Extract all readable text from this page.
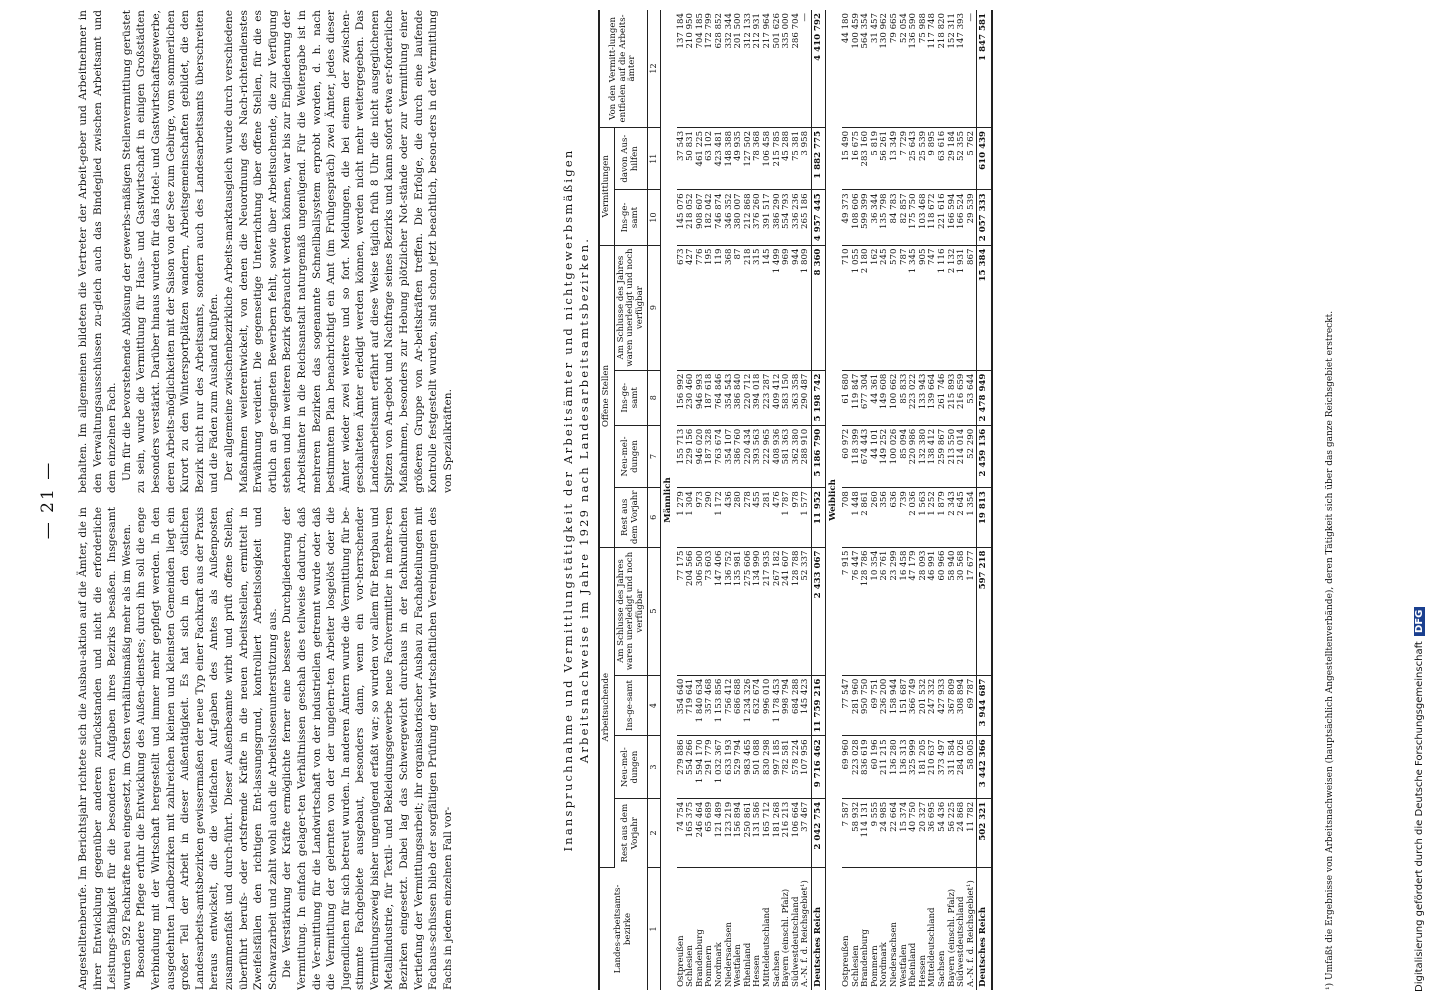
— 21 —

Angestelltenberufe. Im Berichtsjahr richtete sich die Ausbau-aktion auf die Ämter, die in ihrer Entwicklung gegenüber anderen zurückstanden und nicht die erforderliche Leistungs-fähigkeit für die besonderen Aufgaben ihres Bezirks besaßen. Insgesamt wurden 592 Fachkräfte neu eingesetzt, im Osten verhältnismäßig mehr als im Westen. Besondere Pflege erfuhr die Entwicklung des Außen-dienstes; durch ihn soll die enge Verbindung mit der Wirtschaft hergestellt und immer mehr gepflegt werden. In den ausgedehnten Landbezirken mit zahlreichen kleinen und kleinsten Gemeinden liegt ein großer Teil der Arbeit in dieser Außentätigkeit. Es hat sich in den östlichen Landesarbeits-amtsbezirken gewissermaßen der neue Typ einer Fachkraft aus der Praxis heraus entwickelt, die die vielfachen Auf-gaben des Amtes als Außenposten zusammenfaßt und durch-führt. Dieser Außenbeamte wirbt und prüft offene Stellen, überführt berufs- oder ortsfremde Kräfte in die neuen Arbeitsstellen, ermittelt in Zweifelsfällen den richtigen Ent-lassungsgrund, kontrolliert Arbeitslosigkeit und Schwarzarbeit und zahlt wohl auch die Arbeitslosenunterstützung aus. Die Verstärkung der Kräfte ermöglichte ferner eine bessere Durchgliederung der Vermittlung. In einfach gelager-ten Verhältnissen geschah dies teilweise dadurch, daß die Ver-mittlung für die Landwirtschaft von der industriellen getrennt wurde oder daß die Vermittlung der gelernten von der der ungelern-ten Arbeiter losgelöst oder die Jugendlichen für sich betreut wurden. In anderen Ämtern wurde die Vermittlung für be-stimmte Fachgebiete ausgebaut, besonders dann, wenn ein vor-herrschender Vermittlungszweig bisher ungenügend erfaßt war; so wurden vor allem für Bergbau und Metallindustrie, für Textil- und Bekleidungsgewerbe neue Fachvermittler in mehre-ren Bezirken eingesetzt. Dabei lag das Schwergewicht durchaus in der fachkundlichen Vertiefung der Vermittlungsarbeit; ihr organisatorischer Ausbau zu Fachabteilungen mit Fachaus-schüssen blieb der sorgfältigen Prüfung der wirtschaftlichen Vereinigungen des Fachs in jedem einzelnen Fall vor-

behalten. Im allgemeinen bildeten die Vertreter der Arbeit-geber und Arbeitnehmer in den Verwaltungsausschüssen zu-gleich auch das Bindeglied zwischen Arbeitsamt und dem einzelnen Fach. Um für die bevorstehende Ablösung der gewerbs-mäßigen Stellenvermittlung gerüstet zu sein, wurde die Vermittlung für Haus- und Gastwirtschaft in einigen Großstädten besonders verstärkt. Darüber hinaus wurden für das Hotel- und Gastwirtschaftsgewerbe, deren Arbeits-möglichkeiten mit der Saison von der See zum Gebirge, vom sommerlichen Kurort zu den Wintersportplätzen wandern, Arbeitsgemeinschaften gebildet, die den Bezirk nicht nur des Arbeitsamts, sondern auch des Landesarbeitsamts überschreiten und die Fäden zum Ausland knüpfen. Der allgemeine zwischenbezirkliche Arbeits-marktausgleich wurde durch verschiedene Maßnahmen weiterentwickelt, von denen die Neuordnung des Nach-richtendienstes Erwähnung verdient. Die gegenseitige Unterrichtung über offene Stellen, für die es örtlich an ge-eigneten Bewerbern fehlt, sowie über Arbeitsuchende, die zur Verfügung stehen und im weiteren Bezirk gebraucht werden können, war bis zur Eingliederung der Arbeitsämter in die Reichsanstalt naturgemäß ungenügend. Für die Weitergabe ist in mehreren Bezirken das sogenannte Schnellballsystem erprobt worden, d. h. nach bestimmtem Plan benachrichtigt ein Amt (im Frühgespräch) zwei Ämter, jedes dieser Ämter wieder zwei weitere und so fort. Meldungen, die bei einem der zwischen-geschalteten Ämter erledigt werden können, werden nicht mehr weitergegeben. Das Landesarbeitsamt erfährt auf diese Weise täglich früh 8 Uhr die nicht ausgeglichenen Spitzen von An-gebot und Nachfrage seines Bezirks und kann sofort etwa er-forderliche Maßnahmen, besonders zur Hebung plötzlicher Not-stände oder zur Vermittlung einer größeren Gruppe von Ar-beitskräften treffen. Die Erfolge, die durch eine laufende Kontrolle festgestellt wurden, sind schon jetzt beachtlich, beson-ders in der Vermittlung von Spezialkräften.	Inanspruchnahme und Vermittlungstätigkeit der Arbeitsämter und nichtgewerbsmäßigen Arbeitsnachweise im Jahre 1929 nach Landesarbeitsamtsbezirken.
Landes-arbeitsamts-bezirke	Arbeitsuchende				Offene Stellen				Vermittlungen		Von den Vermitt-lungen entfielen auf die Arbeits-ämter
	Rest aus dem Vorjahr	Neu-mel-dungen	Ins-ge-samt	Am Schlusse des Jahres waren unerledigt und noch verfügbar	Rest aus dem Vorjahr	Neu-mel-dungen	Ins-ge-samt	Am Schlusse des Jahres waren unerledigt und noch verfügbar	Ins-ge-samt	davon Aus-hilfen	
1	2	3	4	5	6	7	8	9	10	11	12
Männlich											
Ostpreußen	74 754	279 886	354 640	77 175	1 279	155 713	156 992	673	145 076	37 543	137 184
Schlesien	165 375	554 266	719 641	204 566	1 304	229 156	230 460	427	218 052	50 831	210 950
Brandenburg	246 464	1 594 170	1 840 634	306 500	973	946 020	946 993	776	908 607	461 225	704 185
Pommern	65 689	291 779	357 468	73 603	290	187 328	187 618	195	182 042	63 102	172 799
Nordmark	121 489	1 032 367	1 153 856	147 406	1 172	763 674	764 846	119	746 874	423 481	628 852
Niedersachsen	123 219	633 193	756 412	136 752	436	354 107	354 543	368	346 352	148 388	332 344
Westfalen	156 894	529 794	686 688	135 981	280	386 760	386 840	87	380 007	49 935	201 500
Rheinland	250 861	983 465	1 234 326	275 606	278	220 434	220 712	218	212 868	127 502	312 133
Hessen	131 586	501 088	632 674	134 990	455	393 563	394 018	315	376 260	78 368	212 931
Mitteldeutschland	165 712	830 298	996 010	217 935	281	222 965	223 287	145	391 517	106 458	217 964
Sachsen	181 268	997 185	1 178 453	267 182	476	408 936	409 412	1 499	386 290	215 785	501 626
Bayern (einschl. Pfalz)	216 213	782 581	998 794	241 607	1 787	581 363	583 150	969	554 793	45 288	335 000
Südwestdeutschland	106 664	578 224	684 288	128 788	978	362 380	363 358	944	336 236	75 381	286 704
A.-N. f. d. Reichsgebiet¹)	37 467	107 956	145 423	52 337	1 577	288 910	290 487	1 809	265 186	3 958	—
Deutsches Reich	2 042 754	9 716 462	11 759 216	2 433 067	11 952	5 186 790	5 198 742	8 360	4 957 445	1 882 775	4 410 792
Weiblich											
Ostpreußen	7 587	69 960	77 547	7 915	708	60 972	61 680	710	49 373	15 490	44 180
Schlesien	58 932	223 028	281 960	76 447	1 448	118 399	119 847	1 055	108 606	16 675	100 459
Brandenburg	114 131	836 619	950 750	128 786	2 861	674 443	677 304	2 180	599 399	283 160	564 354
Pommern	9 555	60 196	69 751	10 354	260	44 101	44 361	162	36 344	5 819	31 457
Nordmark	24 985	211 215	236 200	26 761	356	149 252	149 608	245	135 798	56 261	130 962
Niedersachsen	22 664	136 280	158 944	23 299	636	100 026	100 662	570	84 783	13 349	79 665
Westfalen	15 374	136 313	151 687	16 458	739	85 094	85 833	787	82 857	7 729	52 054
Rheinland	40 750	325 999	366 749	47 179	2 036	220 986	223 022	1 345	175 750	25 643	136 590
Hessen	20 327	181 205	201 532	28 093	1 563	132 380	133 943	905	103 468	25 539	75 988
Mitteldeutschland	36 695	210 637	247 332	46 991	1 252	138 412	139 664	747	118 672	9 895	117 748
Sachsen	54 436	373 497	427 933	60 966	1 879	259 867	261 746	1 116	221 616	63 616	218 820
Bayern (einschl. Pfalz)	56 225	311 584	367 809	58 940	2 343	213 550	215 893	2 132	166 594	29 184	152 311
Südwestdeutschland	24 868	284 026	308 894	30 568	2 645	214 014	216 659	1 931	166 524	52 355	147 393
A.-N. f. d. Reichsgebiet¹)	11 782	58 005	69 787	17 677	1 354	52 290	53 644	867	29 539	5 762	—
Deutsches Reich	502 321	3 442 366	3 944 687	597 218	19 813	2 459 136	2 478 949	15 384	2 057 333	610 439	1 847 581
¹) Umfaßt die Ergebnisse von Arbeitsnachweisen (hauptsächlich Angestelltenverbände), deren Tätigkeit sich über das ganze Reichsgebiet erstreckt.	Digitalisierung gefördert durch die Deutsche Forschungsgemeinschaft DFG
